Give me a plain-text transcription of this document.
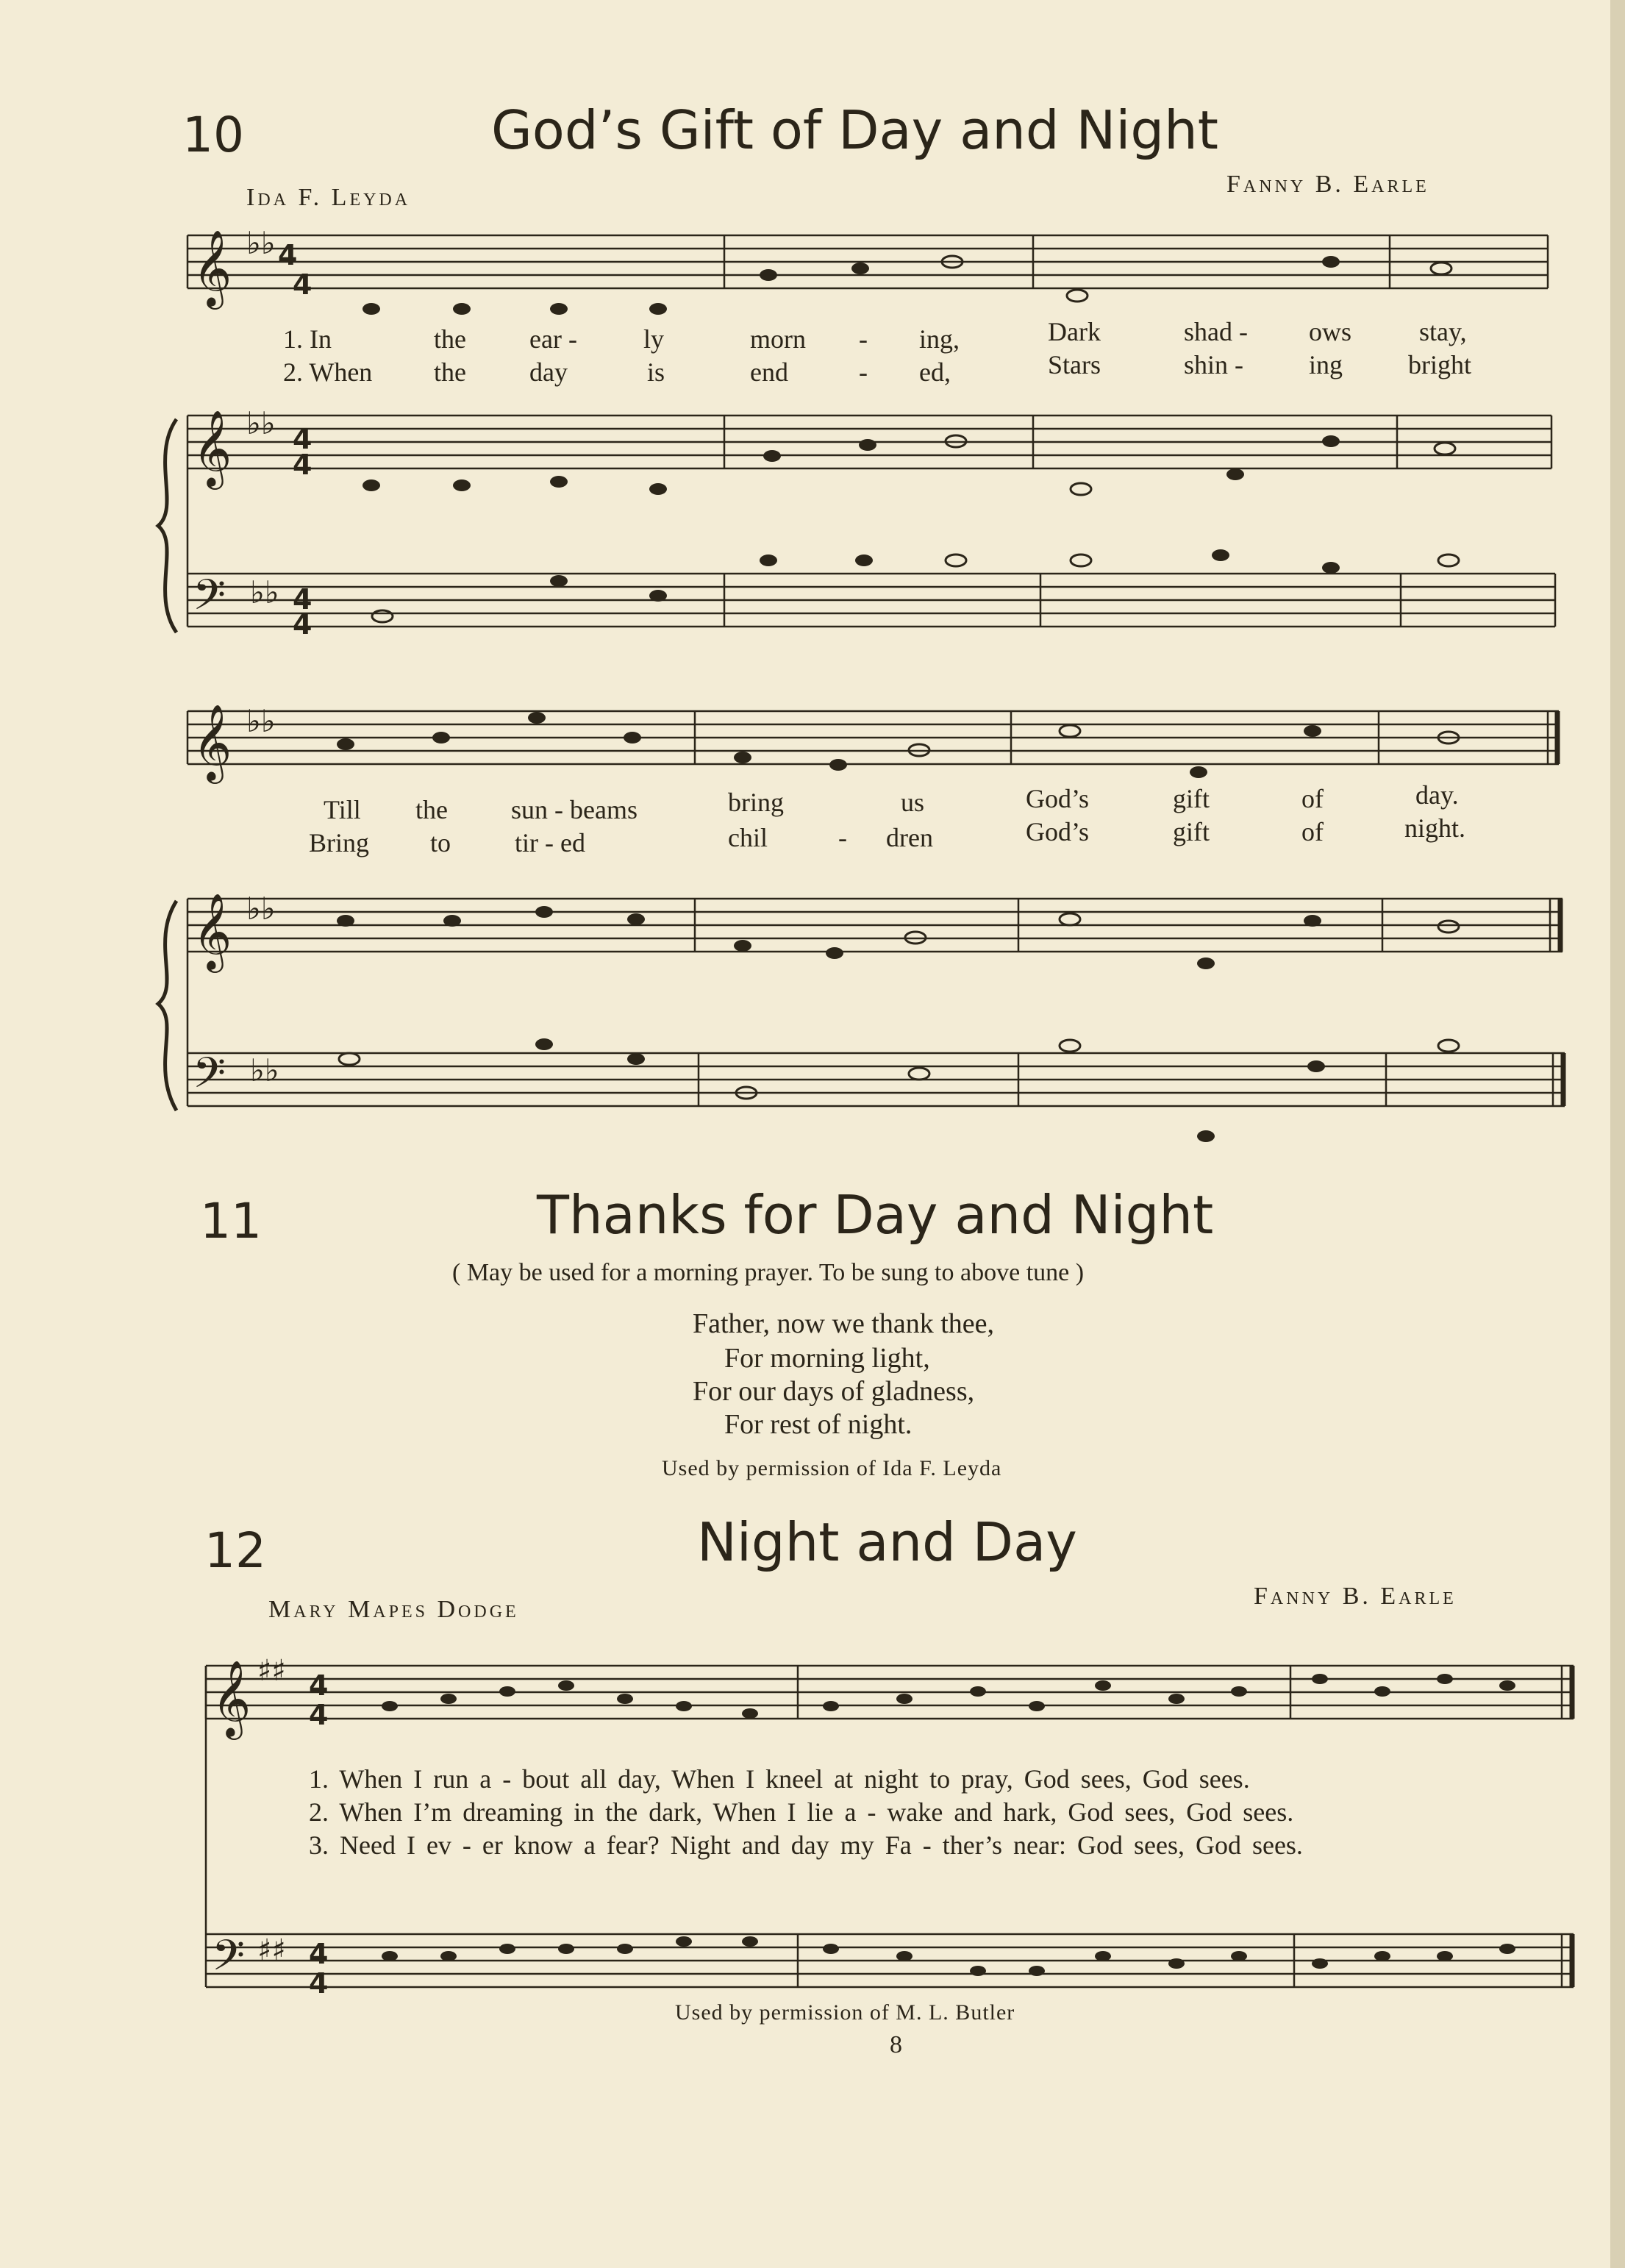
10	God’s Gift of Day and Night
Ida F. Leyda	Fanny B. Earle
𝄞 ♭♭ 4
4
𝄞 ♭♭ 4
4
𝄢 ♭♭ 4
4
𝄞 ♭♭
𝄞 ♭♭
𝄢 ♭♭
𝄞 ♯♯ 4
4
𝄢 ♯♯ 4
4
1. In	the ear -	ly	morn - ing,	Dark	shad - ows	stay,
2. When the day	is	end	- ed,	Stars	shin - ing bright
Till the sun - beams	bring	us	God’s	gift	of	day.
Bring to tir - ed	chil	- dren	God’s	gift	of	night.
11	Thanks for Day and Night
( May be used for a morning prayer. To be sung to above tune )
Father, now we thank thee,
For morning light,
For our days of gladness,
For rest of night.
Used by permission of Ida F. Leyda
12	Night and Day
Mary Mapes Dodge	Fanny B. Earle
1. When I run a - bout all day, When I kneel at night to pray, God sees, God sees.
2. When I’m dreaming in the dark, When I lie a - wake and hark, God sees, God sees.
3. Need I ev - er know a fear? Night and day my Fa - ther’s near: God sees, God sees.
Used by permission of M. L. Butler
8
